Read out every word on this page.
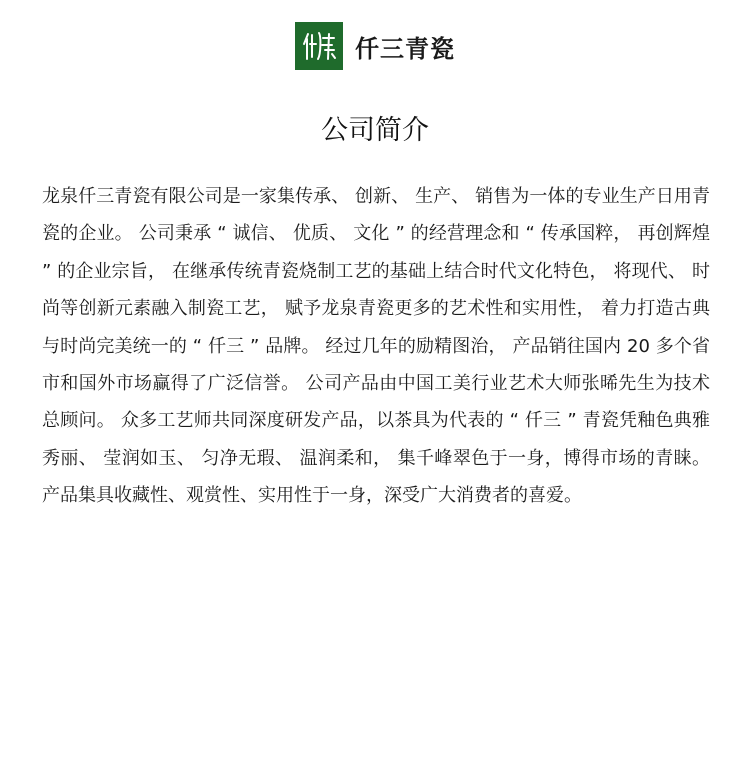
仟三青瓷
公司简介

龙泉仟三青瓷有限公司是一家集传承、 创新、 生产、 销售为一体的专业生产日用青瓷的企业。 公司秉承 “ 诚信、 优质、 文化 ” 的经营理念和 “ 传承国粹， 再创辉煌 ” 的企业宗旨， 在继承传统青瓷烧制工艺的基础上结合时代文化特色， 将现代、 时尚等创新元素融入制瓷工艺， 赋予龙泉青瓷更多的艺术性和实用性， 着力打造古典与时尚完美统一的 “ 仟三 ” 品牌。 经过几年的励精图治， 产品销往国内 20 多个省市和国外市场赢得了广泛信誉。 公司产品由中国工美行业艺术大师张晞先生为技术总顾问。 众多工艺师共同深度研发产品，以茶具为代表的 “ 仟三 ” 青瓷凭釉色典雅秀丽、 莹润如玉、 匀净无瑕、 温润柔和， 集千峰翠色于一身，博得市场的青睐。 产品集具收藏性、观赏性、实用性于一身，深受广大消费者的喜爱。
